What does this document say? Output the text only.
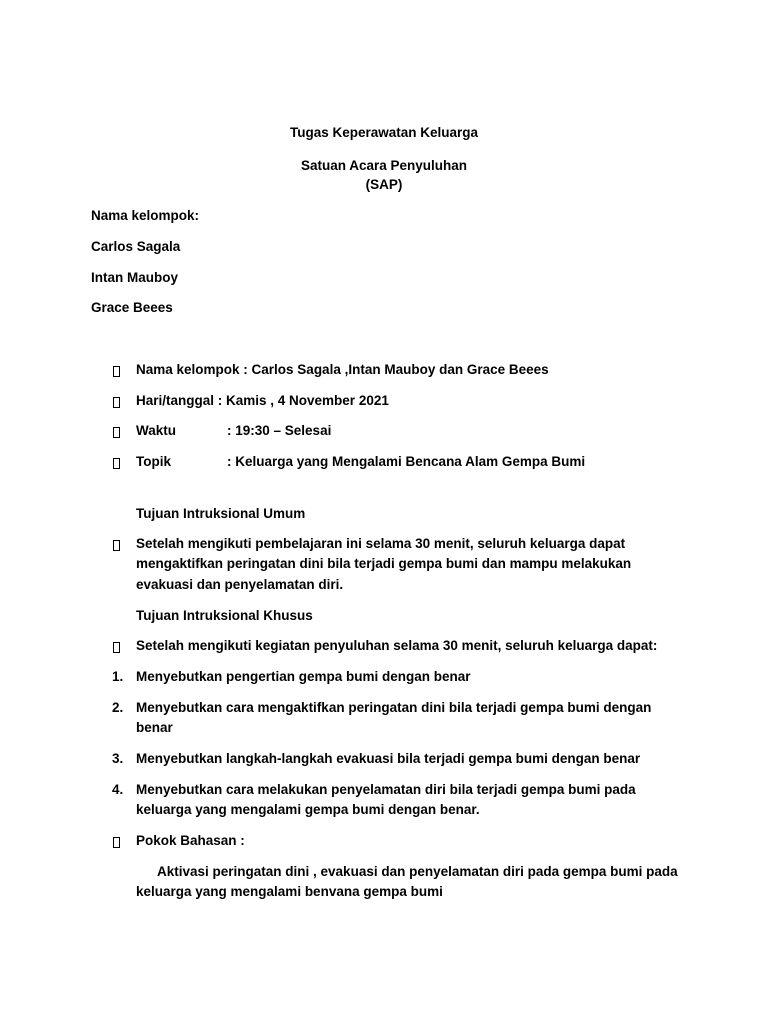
Tugas Keperawatan Keluarga
Satuan Acara Penyuluhan
(SAP)
Nama kelompok:
Carlos Sagala
Intan Mauboy
Grace Beees
Nama kelompok : Carlos Sagala ,Intan Mauboy dan Grace Beees
Hari/tanggal : Kamis , 4 November 2021
Waktu	: 19:30 – Selesai
Topik	: Keluarga yang Mengalami Bencana Alam Gempa Bumi
Tujuan Intruksional Umum
Setelah mengikuti pembelajaran ini selama 30 menit, seluruh keluarga dapat
mengaktifkan peringatan dini bila terjadi gempa bumi dan mampu melakukan
evakuasi dan penyelamatan diri.
Tujuan Intruksional Khusus
Setelah mengikuti kegiatan penyuluhan selama 30 menit, seluruh keluarga dapat:
1. Menyebutkan pengertian gempa bumi dengan benar
2. Menyebutkan cara mengaktifkan peringatan dini bila terjadi gempa bumi dengan
benar
3. Menyebutkan langkah-langkah evakuasi bila terjadi gempa bumi dengan benar
4. Menyebutkan cara melakukan penyelamatan diri bila terjadi gempa bumi pada
keluarga yang mengalami gempa bumi dengan benar.
Pokok Bahasan :
Aktivasi peringatan dini , evakuasi dan penyelamatan diri pada gempa bumi pada
keluarga yang mengalami benvana gempa bumi
